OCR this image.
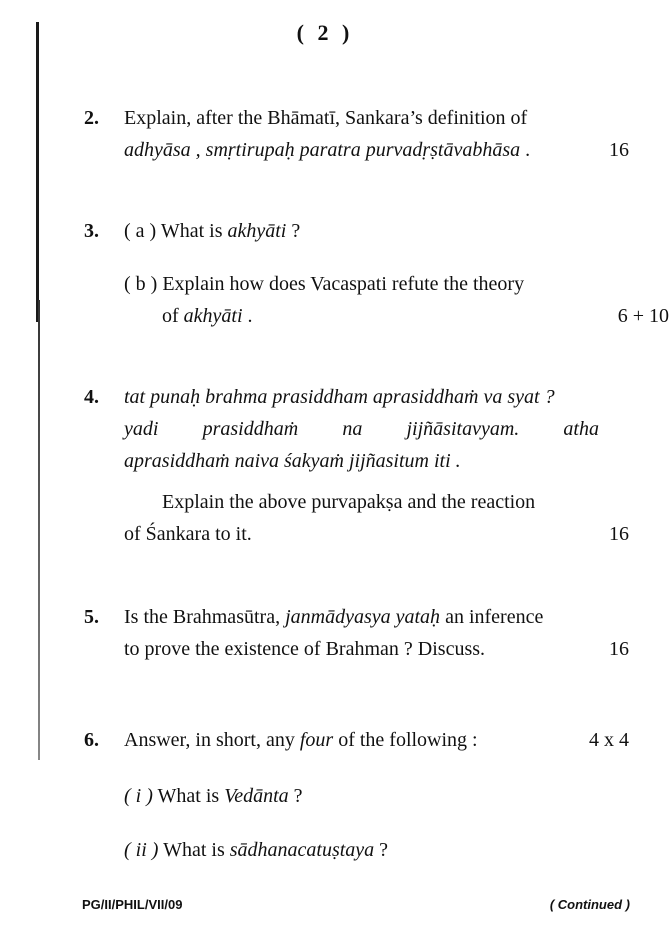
( 2 )
2. Explain, after the Bhāmatī, Sankara’s definition of
adhyāsa , smṛtirupaḥ paratra purvadṛṣtāvabhāsa .	16
3. ( a ) What is akhyāti ?
( b ) Explain how does Vacaspati refute the theory
of akhyāti .	6 + 10
4. tat punaḥ brahma prasiddham aprasiddhaṁ va syat ?
yadi prasiddhaṁ na jijñāsitavyam. atha
aprasiddhaṁ naiva śakyaṁ jijñasitum iti .
Explain the above purvapakṣa and the reaction
of Śankara to it.	16
5. Is the Brahmasūtra, janmādyasya yataḥ an inference
to prove the existence of Brahman ? Discuss.	16
6. Answer, in short, any four of the following :	4 x 4
( i ) What is Vedānta ?
( ii ) What is sādhanacatuṣtaya ?
PG/II/PHIL/VII/09	( Continued )
